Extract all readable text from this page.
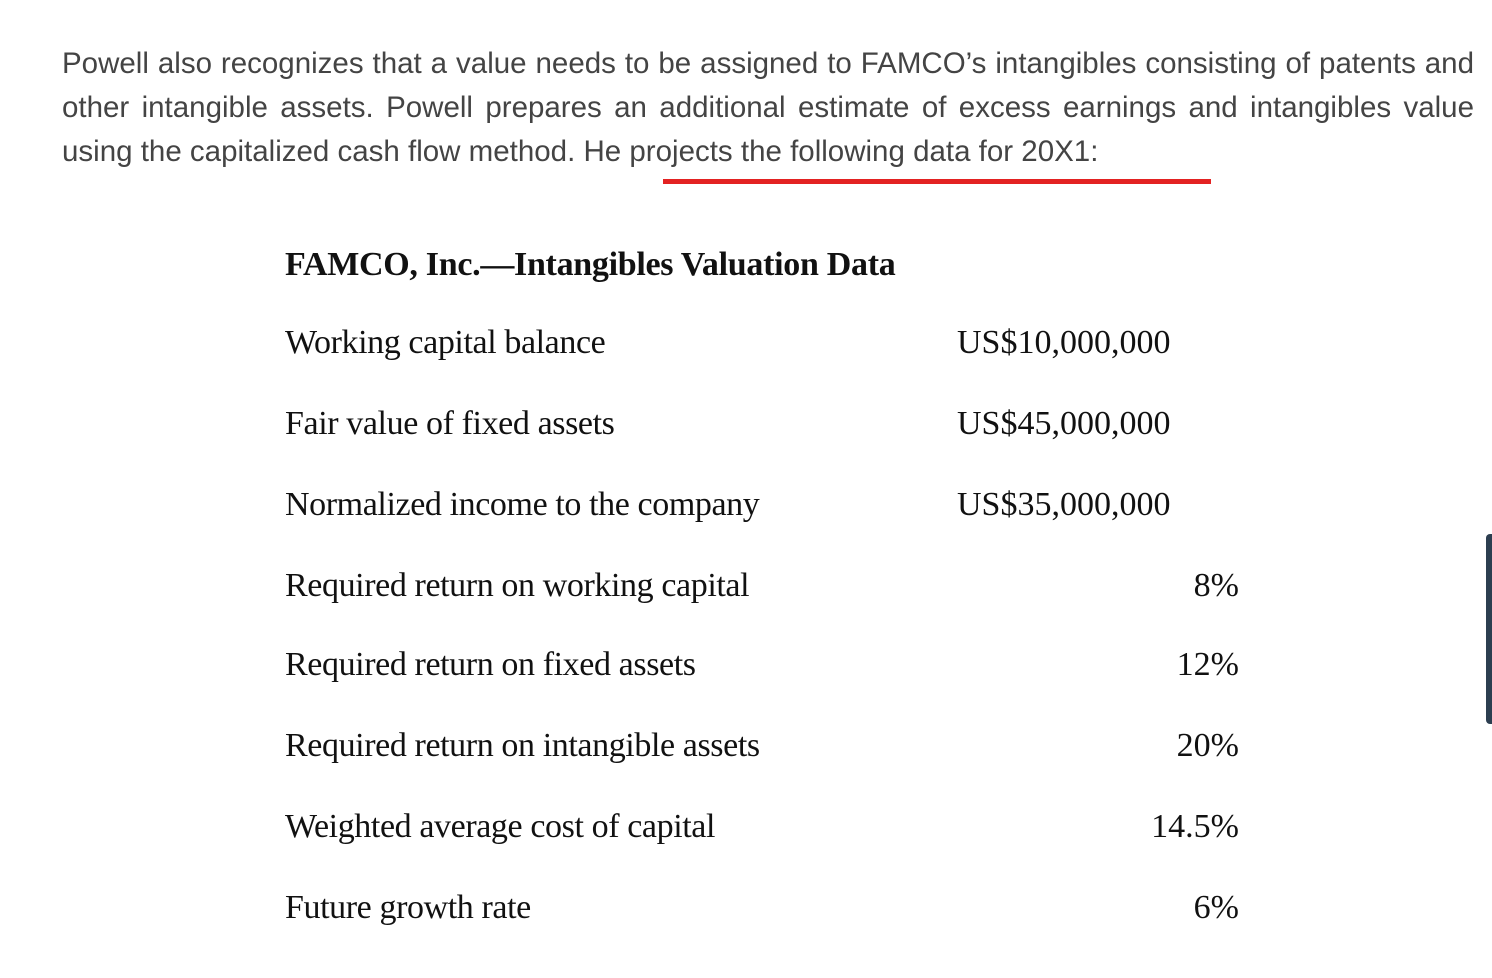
Powell also recognizes that a value needs to be assigned to FAMCO’s intangibles consisting of patents and other intangible assets. Powell prepares an additional estimate of excess earnings and intangibles value using the capitalized cash flow method. He projects the following data for 20X1:

FAMCO, Inc.—Intangibles Valuation Data
Working capital balance	US$10,000,000
Fair value of fixed assets	US$45,000,000
Normalized income to the company	US$35,000,000
Required return on working capital	8%
Required return on fixed assets	12%
Required return on intangible assets	20%
Weighted average cost of capital	14.5%
Future growth rate	6%
